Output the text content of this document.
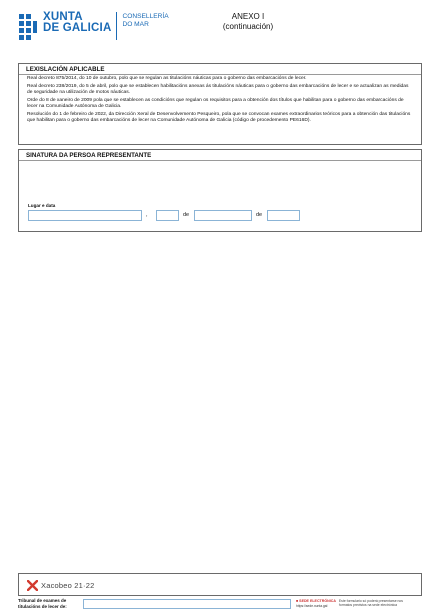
XUNTA
DE GALICIA
CONSELLERÍA
DO MAR
ANEXO I
(continuación)
LEXISLACIÓN APLICABLE

Real decreto 875/2014, do 10 de outubro, polo que se regulan as titulacións náuticas para o goberno das embarcacións de lecer.

Real decreto 238/2019, do 5 de abril, polo que se establecen habilitacións anexas ás titulacións náuticas para o goberno das embarcacións de lecer e se actualizan as medidas de seguridade na utilización de motos náuticas.

Orde do 8 de xaneiro de 2009 pola que se establecen as condicións que regulan os requisitos para a obtención dos títulos que habilitan para o goberno das embarcacións de lecer na Comunidade Autónoma de Galicia.

Resolución do 1 de febreiro de 2022, da Dirección Xeral de Desenvolvemento Pesqueiro, pola que se convocan exames extraordinarios teóricos para a obtención das titulacións que habilitan para o goberno das embarcacións de lecer na Comunidade Autónoma de Galicia (código de procedemento PE616D).

SINATURA DA PERSOA REPRESENTANTE
Lugar e data
,	de	de
Xacobeo 21·22
Tribunal de exames de
titulacións de lecer de:
■ SEDE ELECTRÓNICA
https://sede.xunta.gal
Este formulario só poderá presentarse nos
formatos previstos na sede electrónica
